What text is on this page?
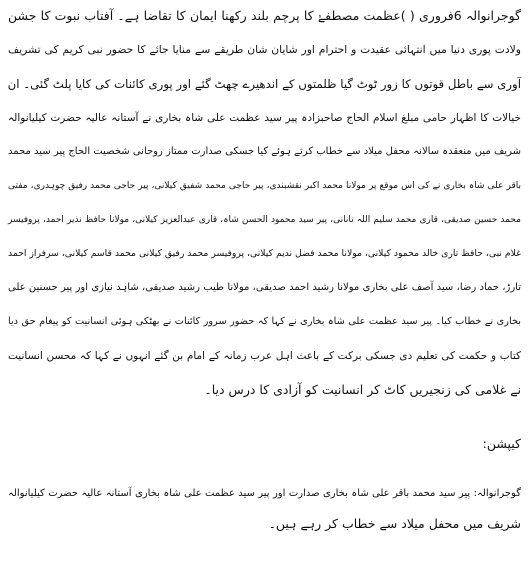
گوجرانوالہ 6فروری ( )عظمت مصطفےٰ کا پرچم بلند رکھنا ایمان کا تقاضا ہے۔ آفتاب نبوت کا جشن
ولادت پوری دنیا میں انتہائی عقیدت و احترام اور شایان شان طریقے سے منایا جائے کا حضور نبی کریم کی تشریف
آوری سے باطل قوتوں کا زور ٹوٹ گیا ظلمتوں کے اندھیرے چھٹ گئے اور پوری کائنات کی کایا پلٹ گئی۔ ان
خیالات کا اظہار حامی مبلغ اسلام الحاج صاحبزادہ پیر سید عظمت علی شاہ بخاری نے آستانہ عالیہ حضرت کیلیانوالہ
شریف میں منعقدہ سالانہ محفل میلاد سے خطاب کرتے ہوئے کیا جسکی صدارت ممتاز روحانی شخصیت الحاج پیر سید محمد
باقر علی شاہ بخاری نے کی اس موقع پر مولانا محمد اکبر نقشبندی، پیر حاجی محمد شفیق کیلانی، پیر حاجی محمد رفیق چوہدری، مفتی
محمد حسین صدیقی، قاری محمد سلیم اللہ نانانی، پیر سید محمود الحسن شاہ، قاری عبدالعزیز کیلانی، مولانا حافظ نذیر احمد، پروفیسر
غلام نبی، حافظ تاری خالد محمود کیلانی، مولانا محمد فضل ندیم کیلانی، پروفیسر محمد رفیق کیلانی محمد قاسم کیلانی، سرفراز احمد
تارڑ، حماد رضا، سید آصف علی بخاری مولانا رشید احمد صدیقی، مولانا طیب رشید صدیقی، شاہد نیازی اور پیر حسنین علی
بخاری نے خطاب کیا۔ پیر سید عظمت علی شاہ بخاری نے کہا کہ حضور سرور کائنات نے بھٹکی ہوئی انسانیت کو پیغام حق دیا
کتاب و حکمت کی تعلیم دی جسکی برکت کے باعث اہل عرب زمانہ کے امام بن گئے انہوں نے کہا کہ محسن انسانیت
نے غلامی کی زنجیریں کاٹ کر انسانیت کو آزادی کا درس دیا۔
کیپشن:
گوجرانوالہ: پیر سید محمد باقر علی شاہ بخاری صدارت اور پیر سید عظمت علی شاہ بخاری آستانہ عالیہ حضرت کیلیانوالہ
شریف میں محفل میلاد سے خطاب کر رہے ہیں۔
